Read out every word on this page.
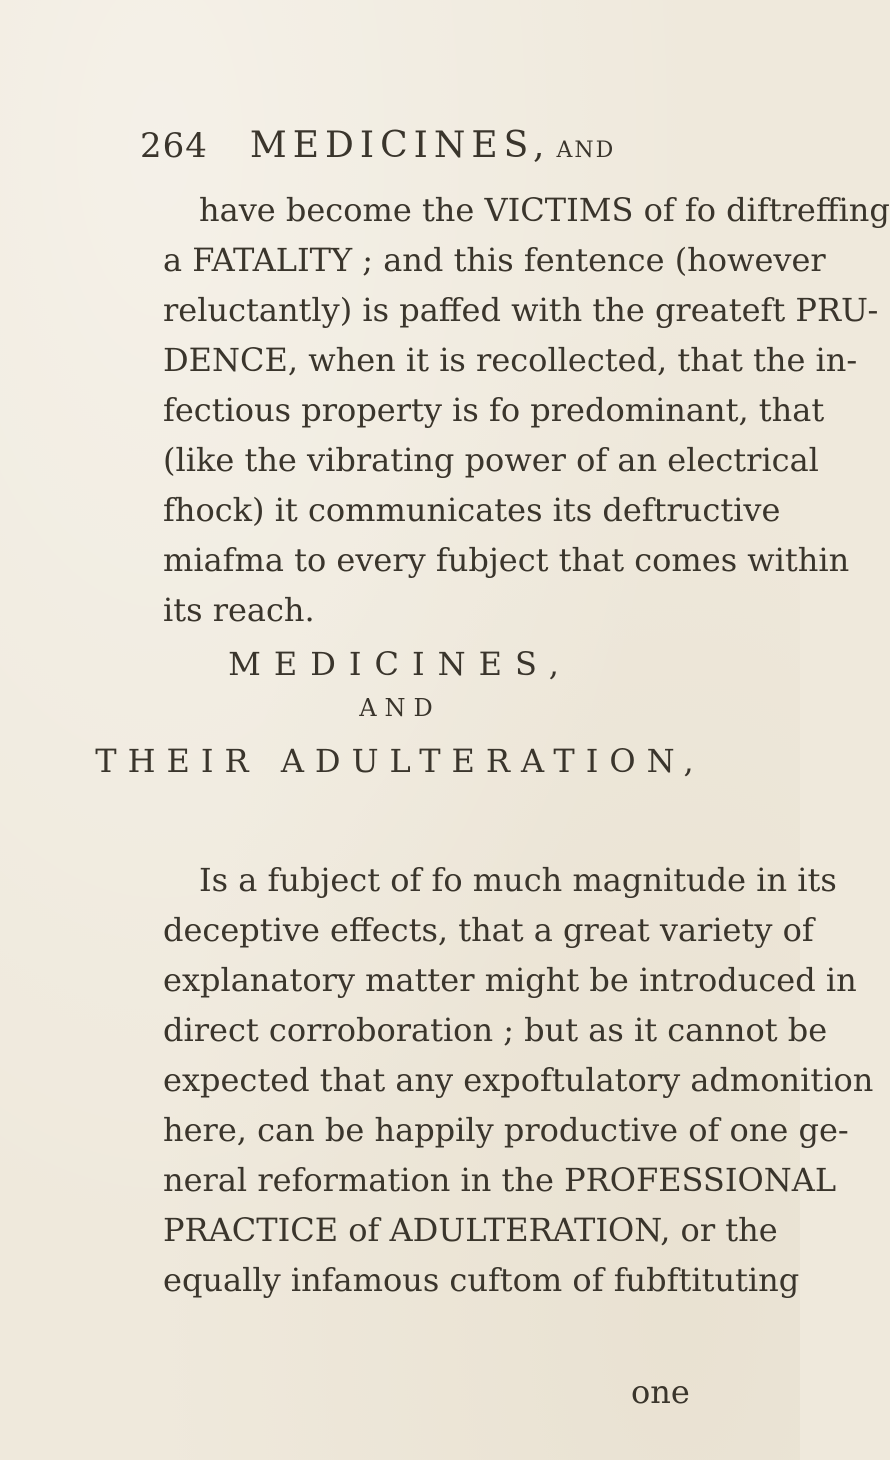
264 MEDICINES, AND
have become the VICTIMS of fo diftreffing
a FATALITY ; and this fentence (however
reluctantly) is paffed with the greateft PRU-
DENCE, when it is recollected, that the in-
fectious property is fo predominant, that
(like the vibrating power of an electrical
fhock) it communicates its deftructive
miafma to every fubject that comes within
its reach.
MEDICINES,
AND
THEIR ADULTERATION,
Is a fubject of fo much magnitude in its
deceptive effects, that a great variety of
explanatory matter might be introduced in
direct corroboration ; but as it cannot be
expected that any expoftulatory admonition
here, can be happily productive of one ge-
neral reformation in the PROFESSIONAL
PRACTICE of ADULTERATION, or the
equally infamous cuftom of fubftituting

one
